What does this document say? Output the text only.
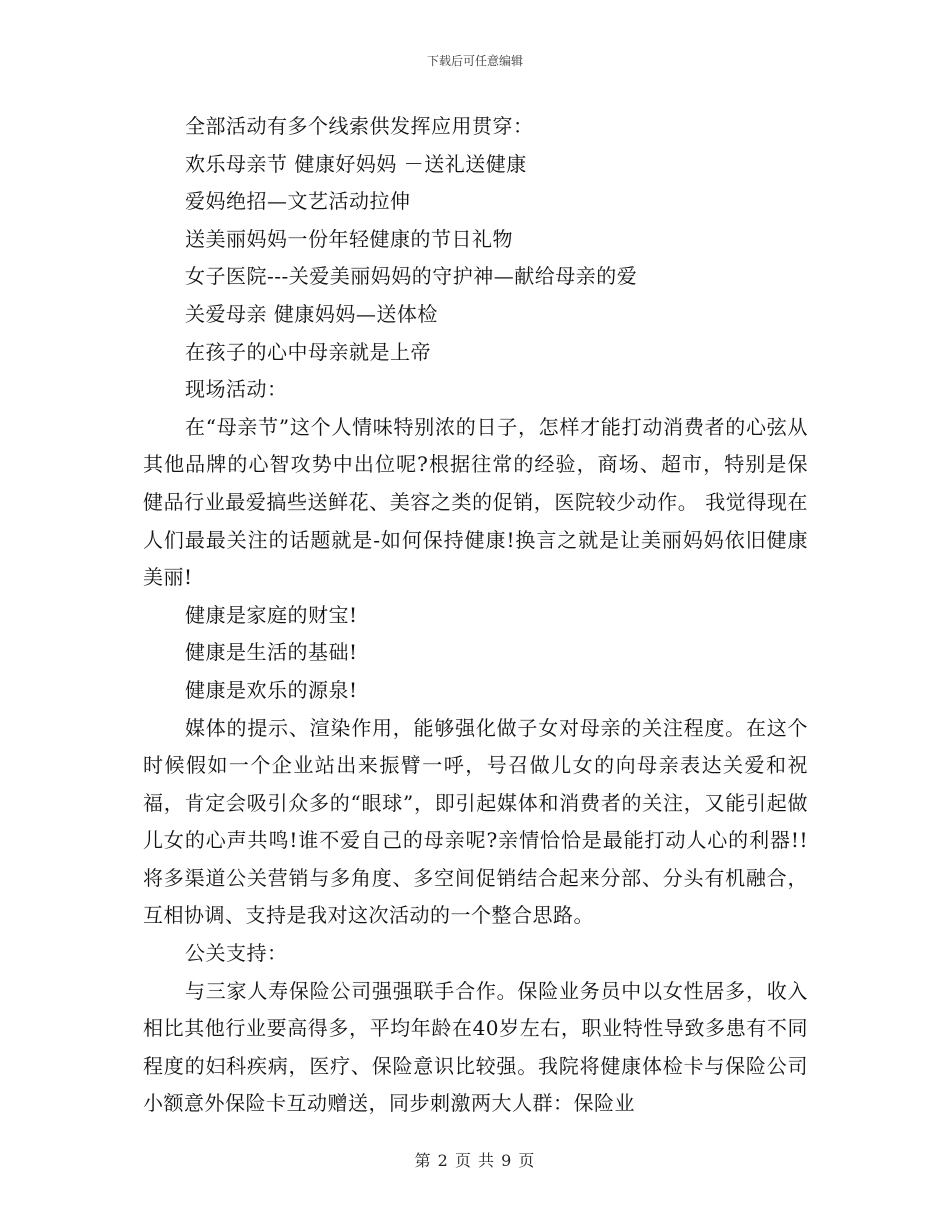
下载后可任意编辑

全部活动有多个线索供发挥应用贯穿：

欢乐母亲节 健康好妈妈 －送礼送健康

爱妈绝招—文艺活动拉伸

送美丽妈妈一份年轻健康的节日礼物

女子医院---关爱美丽妈妈的守护神—献给母亲的爱

关爱母亲 健康妈妈—送体检

在孩子的心中母亲就是上帝

现场活动：

在“母亲节”这个人情味特别浓的日子，怎样才能打动消费者的心弦从其他品牌的心智攻势中出位呢?根据往常的经验，商场、超市，特别是保健品行业最爱搞些送鲜花、美容之类的促销，医院较少动作。 我觉得现在人们最最关注的话题就是-如何保持健康!换言之就是让美丽妈妈依旧健康美丽!

健康是家庭的财宝!

健康是生活的基础!

健康是欢乐的源泉!

媒体的提示、渲染作用，能够强化做子女对母亲的关注程度。在这个时候假如一个企业站出来振臂一呼，号召做儿女的向母亲表达关爱和祝福，肯定会吸引众多的“眼球”，即引起媒体和消费者的关注，又能引起做儿女的心声共鸣!谁不爱自己的母亲呢?亲情恰恰是最能打动人心的利器!!将多渠道公关营销与多角度、多空间促销结合起来分部、分头有机融合，互相协调、支持是我对这次活动的一个整合思路。

公关支持：

与三家人寿保险公司强强联手合作。保险业务员中以女性居多，收入相比其他行业要高得多，平均年龄在40岁左右，职业特性导致多患有不同程度的妇科疾病，医疗、保险意识比较强。我院将健康体检卡与保险公司小额意外保险卡互动赠送，同步刺激两大人群：保险业

第 2 页 共 9 页
